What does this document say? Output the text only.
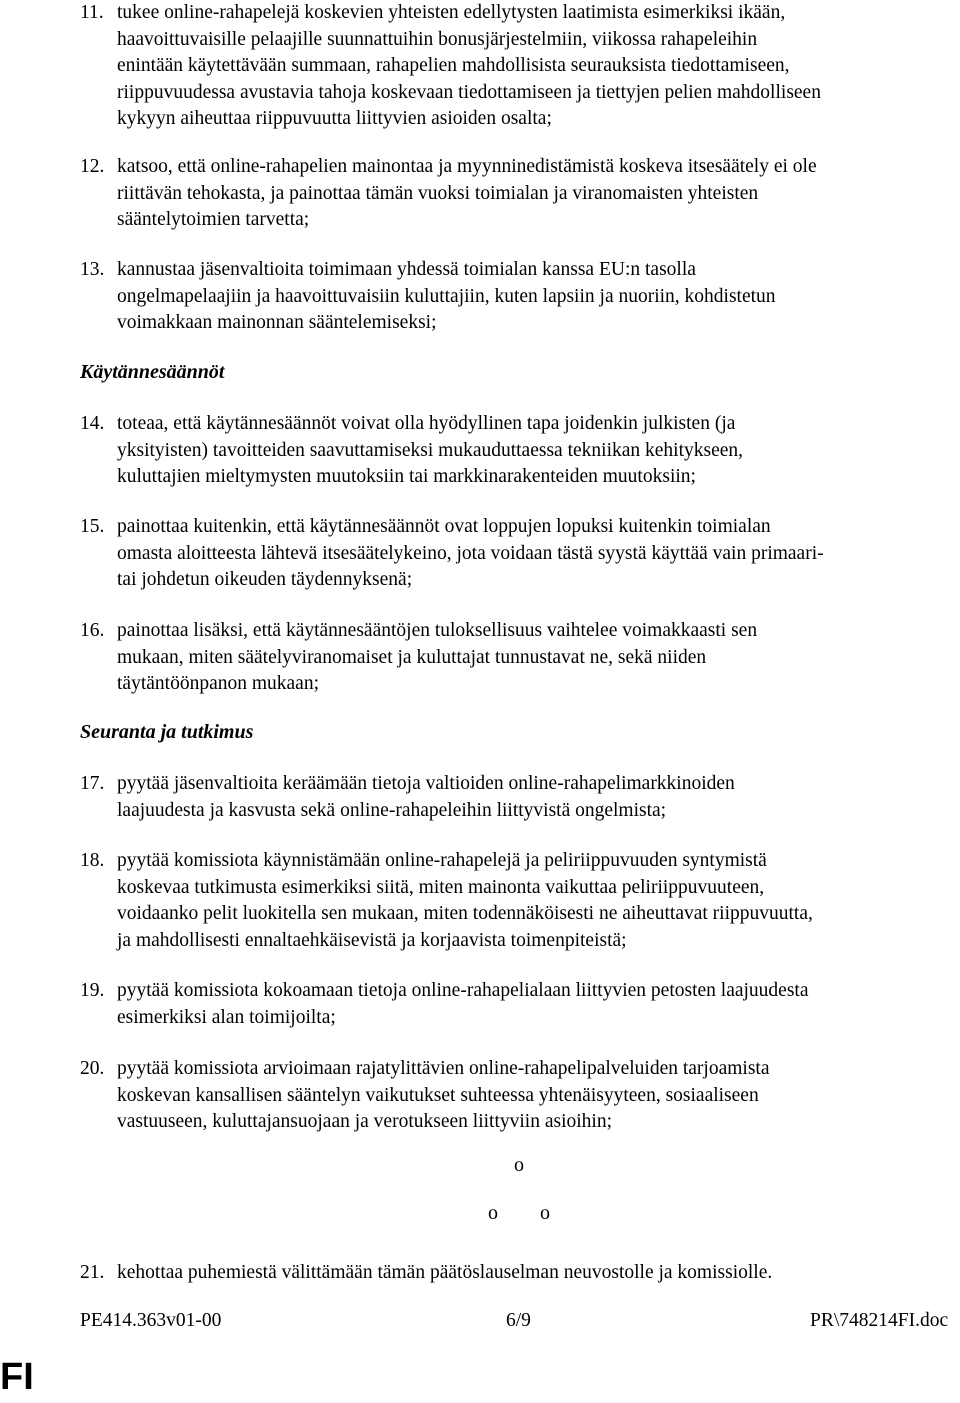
11. tukee online-rahapelejä koskevien yhteisten edellytysten laatimista esimerkiksi ikään,
haavoittuvaisille pelaajille suunnattuihin bonusjärjestelmiin, viikossa rahapeleihin
enintään käytettävään summaan, rahapelien mahdollisista seurauksista tiedottamiseen,
riippuvuudessa avustavia tahoja koskevaan tiedottamiseen ja tiettyjen pelien mahdolliseen
kykyyn aiheuttaa riippuvuutta liittyvien asioiden osalta;
12. katsoo, että online-rahapelien mainontaa ja myynninedistämistä koskeva itsesäätely ei ole
riittävän tehokasta, ja painottaa tämän vuoksi toimialan ja viranomaisten yhteisten
sääntelytoimien tarvetta;
13. kannustaa jäsenvaltioita toimimaan yhdessä toimialan kanssa EU:n tasolla
ongelmapelaajiin ja haavoittuvaisiin kuluttajiin, kuten lapsiin ja nuoriin, kohdistetun
voimakkaan mainonnan sääntelemiseksi;
Käytännesäännöt
14. toteaa, että käytännesäännöt voivat olla hyödyllinen tapa joidenkin julkisten (ja
yksityisten) tavoitteiden saavuttamiseksi mukauduttaessa tekniikan kehitykseen,
kuluttajien mieltymysten muutoksiin tai markkinarakenteiden muutoksiin;
15. painottaa kuitenkin, että käytännesäännöt ovat loppujen lopuksi kuitenkin toimialan
omasta aloitteesta lähtevä itsesäätelykeino, jota voidaan tästä syystä käyttää vain primaari-
tai johdetun oikeuden täydennyksenä;
16. painottaa lisäksi, että käytännesääntöjen tuloksellisuus vaihtelee voimakkaasti sen
mukaan, miten säätelyviranomaiset ja kuluttajat tunnustavat ne, sekä niiden
täytäntöönpanon mukaan;
Seuranta ja tutkimus
17. pyytää jäsenvaltioita keräämään tietoja valtioiden online-rahapelimarkkinoiden
laajuudesta ja kasvusta sekä online-rahapeleihin liittyvistä ongelmista;
18. pyytää komissiota käynnistämään online-rahapelejä ja peliriippuvuuden syntymistä
koskevaa tutkimusta esimerkiksi siitä, miten mainonta vaikuttaa peliriippuvuuteen,
voidaanko pelit luokitella sen mukaan, miten todennäköisesti ne aiheuttavat riippuvuutta,
ja mahdollisesti ennaltaehkäisevistä ja korjaavista toimenpiteistä;
19. pyytää komissiota kokoamaan tietoja online-rahapelialaan liittyvien petosten laajuudesta
esimerkiksi alan toimijoilta;
20. pyytää komissiota arvioimaan rajatylittävien online-rahapelipalveluiden tarjoamista
koskevan kansallisen sääntelyn vaikutukset suhteessa yhtenäisyyteen, sosiaaliseen
vastuuseen, kuluttajansuojaan ja verotukseen liittyviin asioihin;
o
o o
21. kehottaa puhemiestä välittämään tämän päätöslauselman neuvostolle ja komissiolle.
PE414.363v01-00	6/9	PR\748214FI.doc
FI
